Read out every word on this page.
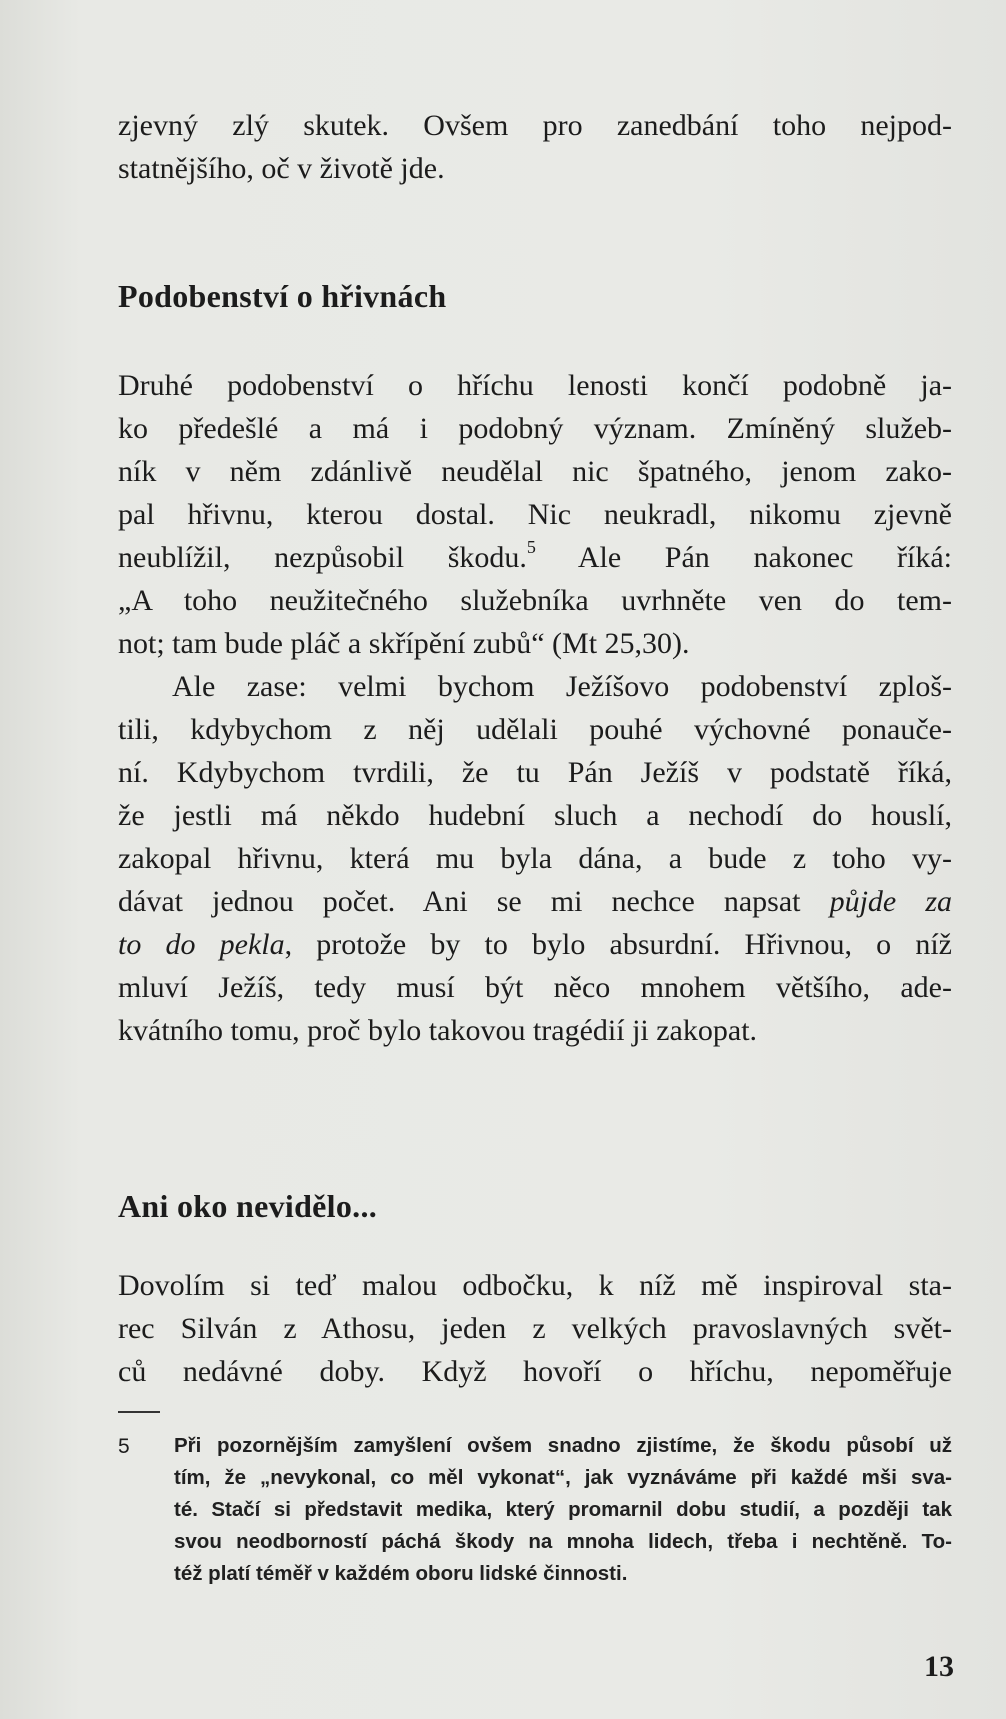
zjevný zlý skutek. Ovšem pro zanedbání toho nejpod-
statnějšího, oč v životě jde.
Podobenství o hřivnách
Druhé podobenství o hříchu lenosti končí podobně ja-
ko předešlé a má i podobný význam. Zmíněný služeb-
ník v něm zdánlivě neudělal nic špatného, jenom zako-
pal hřivnu, kterou dostal. Nic neukradl, nikomu zjevně
neublížil, nezpůsobil škodu.$^5$ Ale Pán nakonec říká:
„A toho neužitečného služebníka uvrhněte ven do tem-
not; tam bude pláč a skřípění zubů“ (Mt 25,30).
Ale zase: velmi bychom Ježíšovo podobenství zploš-
tili, kdybychom z něj udělali pouhé výchovné ponauče-
ní. Kdybychom tvrdili, že tu Pán Ježíš v podstatě říká,
že jestli má někdo hudební sluch a nechodí do houslí,
zakopal hřivnu, která mu byla dána, a bude z toho vy-
dávat jednou počet. Ani se mi nechce napsat půjde za
to do pekla, protože by to bylo absurdní. Hřivnou, o níž
mluví Ježíš, tedy musí být něco mnohem většího, ade-
kvátního tomu, proč bylo takovou tragédií ji zakopat.
Ani oko nevidělo...
Dovolím si teď malou odbočku, k níž mě inspiroval sta-
rec Silván z Athosu, jeden z velkých pravoslavných svět-
ců nedávné doby. Když hovoří o hříchu, nepoměřuje
5 Při pozornějším zamyšlení ovšem snadno zjistíme, že škodu působí už
tím, že „nevykonal, co měl vykonat“, jak vyznáváme při každé mši sva-
té. Stačí si představit medika, který promarnil dobu studií, a později tak
svou neodborností páchá škody na mnoha lidech, třeba i nechtěně. To-
též platí téměř v každém oboru lidské činnosti.
13
